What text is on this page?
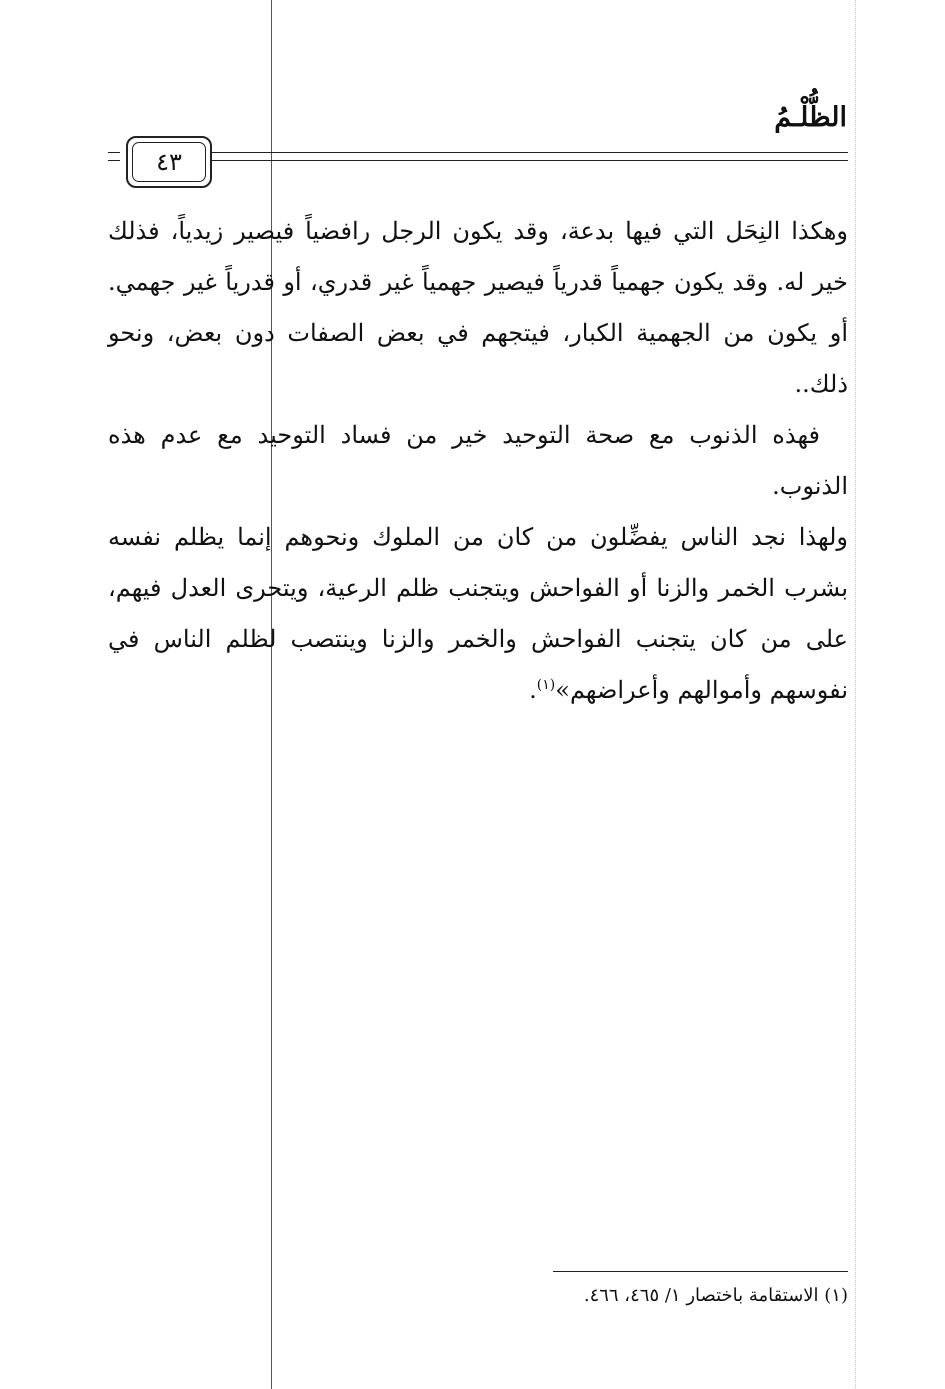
الظُّلْـمُ
٤٣

وهكذا النِحَل التي فيها بدعة، وقد يكون الرجل رافضياً فيصير زيدياً، فذلك خير له. وقد يكون جهمياً قدرياً فيصير جهمياً غير قدري، أو قدرياً غير جهمي. أو يكون من الجهمية الكبار، فيتجهم في بعض الصفات دون بعض، ونحو ذلك..

فهذه الذنوب مع صحة التوحيد خير من فساد التوحيد مع عدم هذه الذنوب.

ولهذا نجد الناس يفضِّلون من كان من الملوك ونحوهم إنما يظلم نفسه بشرب الخمر والزنا أو الفواحش ويتجنب ظلم الرعية، ويتحرى العدل فيهم، على من كان يتجنب الفواحش والخمر والزنا وينتصب لظلم الناس في نفوسهم وأموالهم وأعراضهم»$^{(١)}$.

(١) الاستقامة باختصار ١/ ٤٦٥، ٤٦٦.
